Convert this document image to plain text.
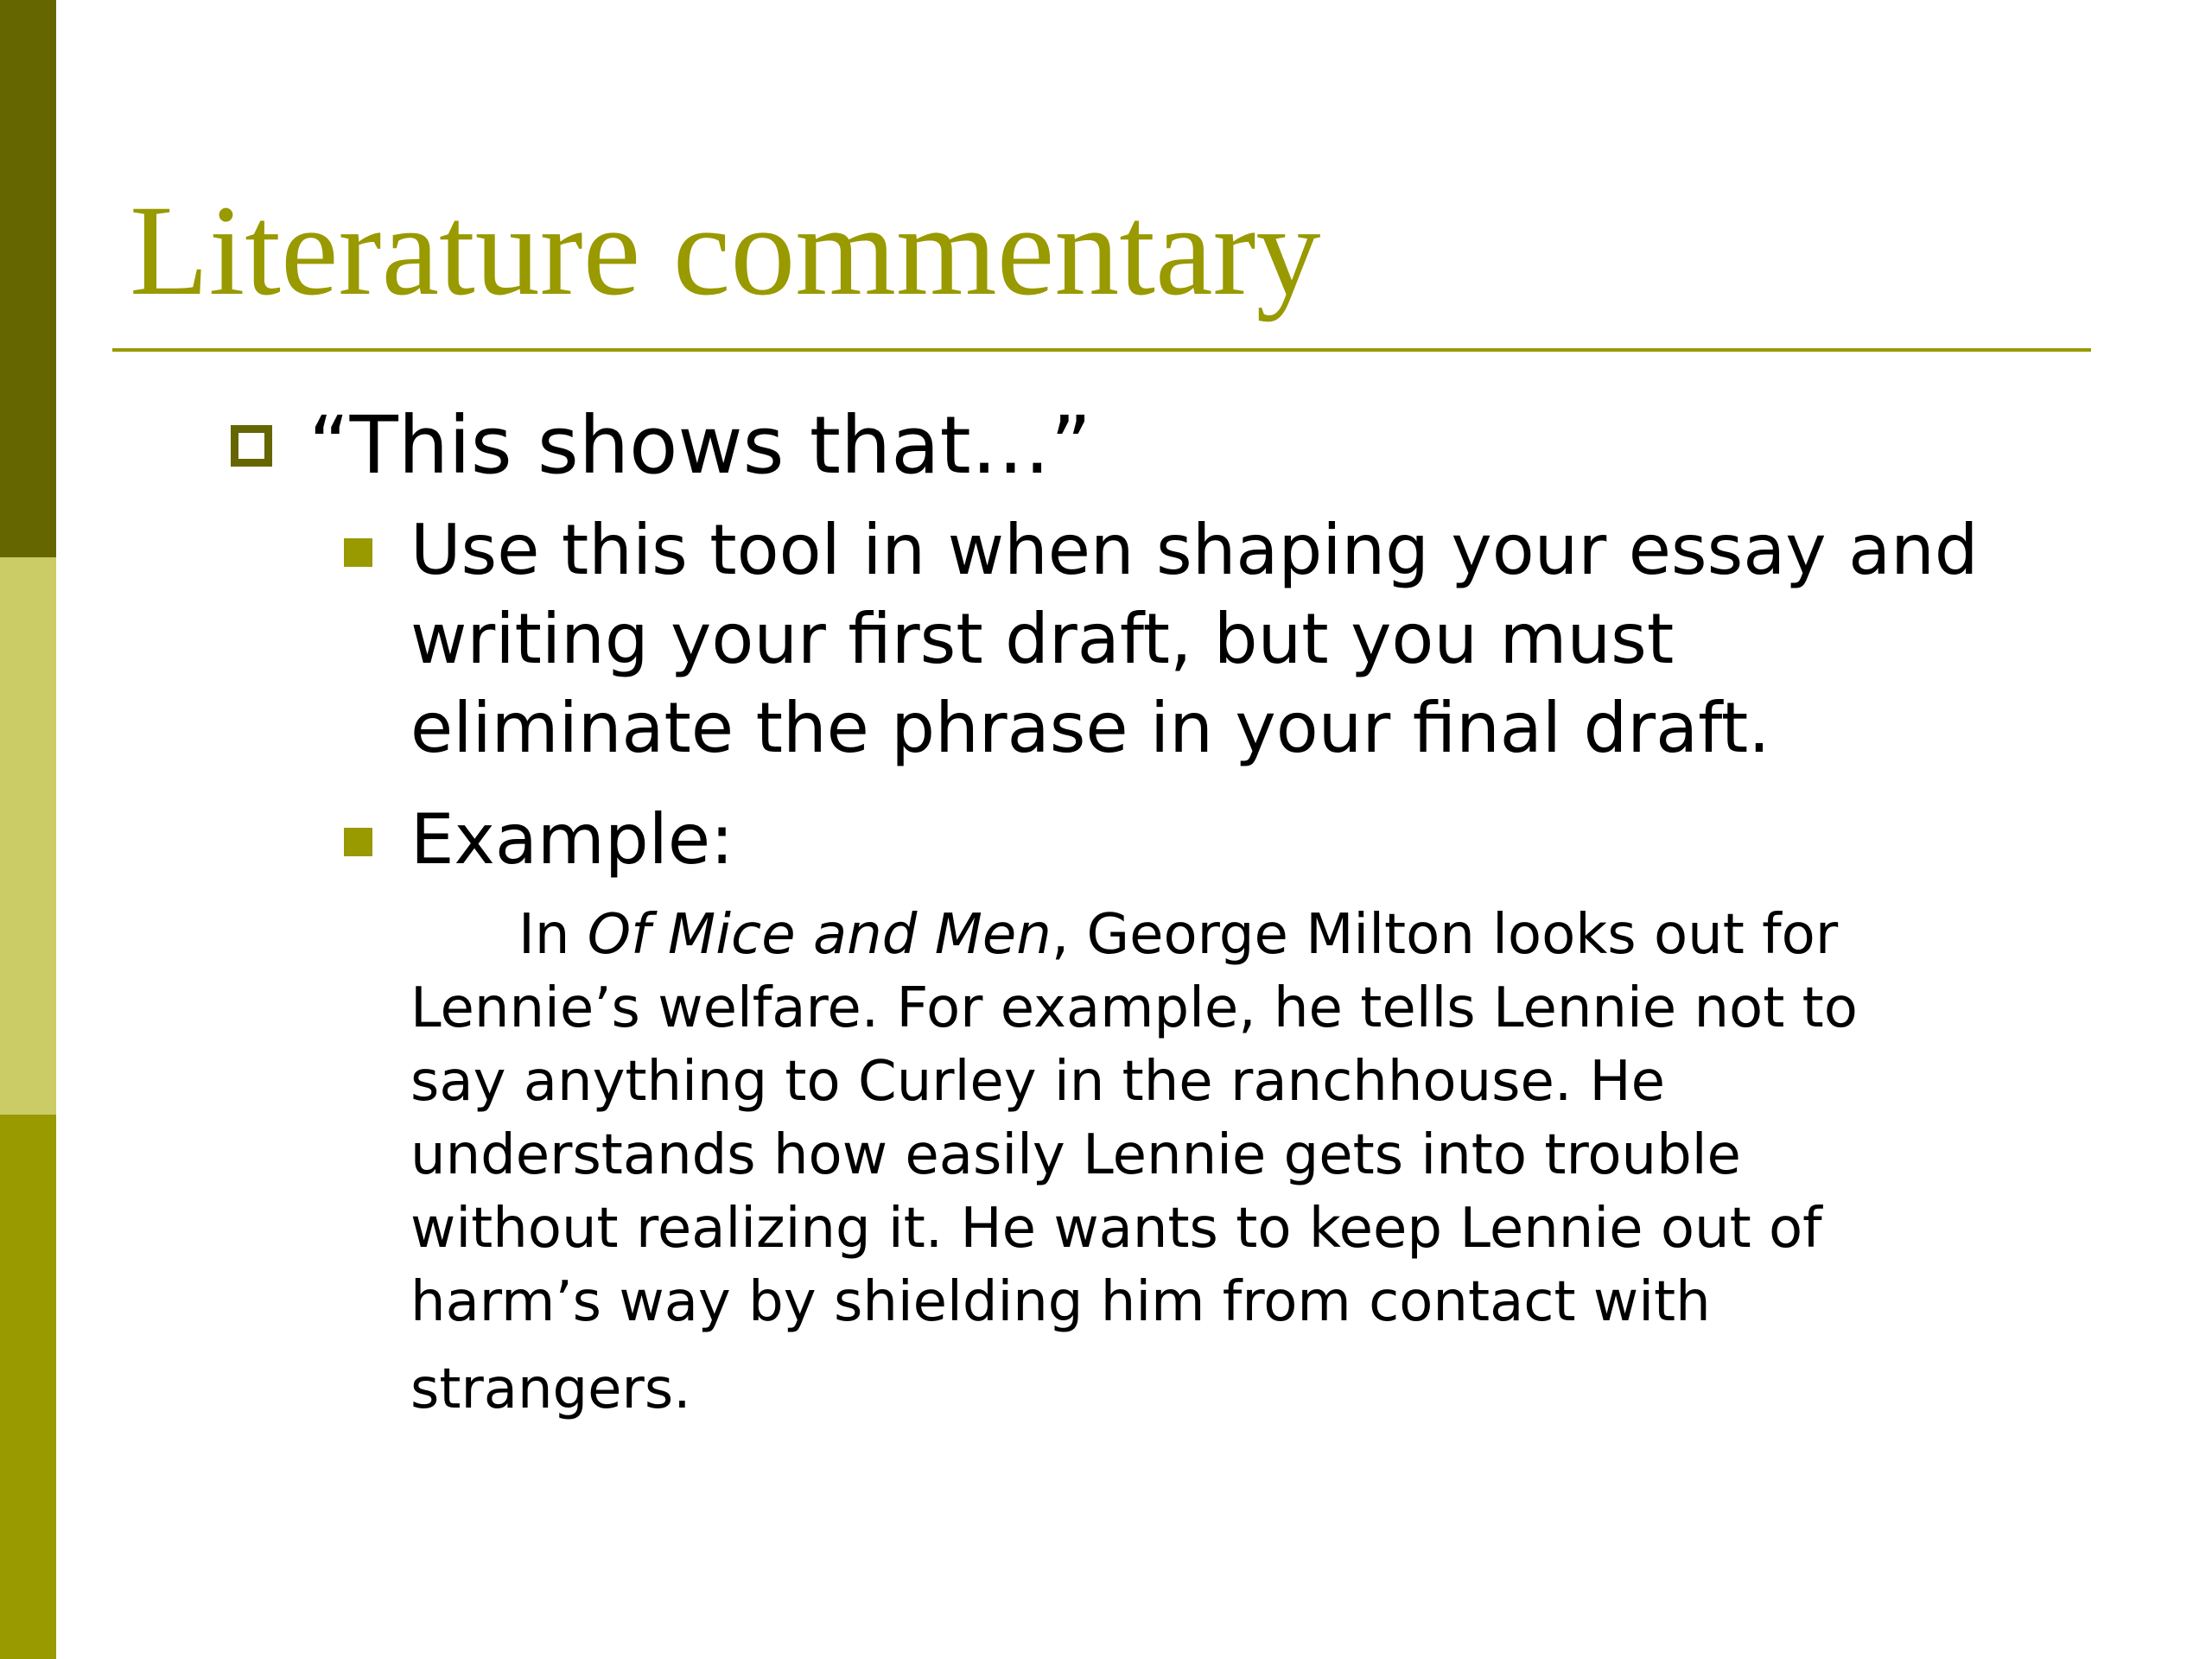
Literature commentary
“This shows that…”
Use this tool in when shaping your essay and
writing your first draft, but you must
eliminate the phrase in your final draft.
Example:
In Of Mice and Men, George Milton looks out for
Lennie’s welfare. For example, he tells Lennie not to
say anything to Curley in the ranchhouse. He
understands how easily Lennie gets into trouble
without realizing it. He wants to keep Lennie out of
harm’s way by shielding him from contact with
strangers.
